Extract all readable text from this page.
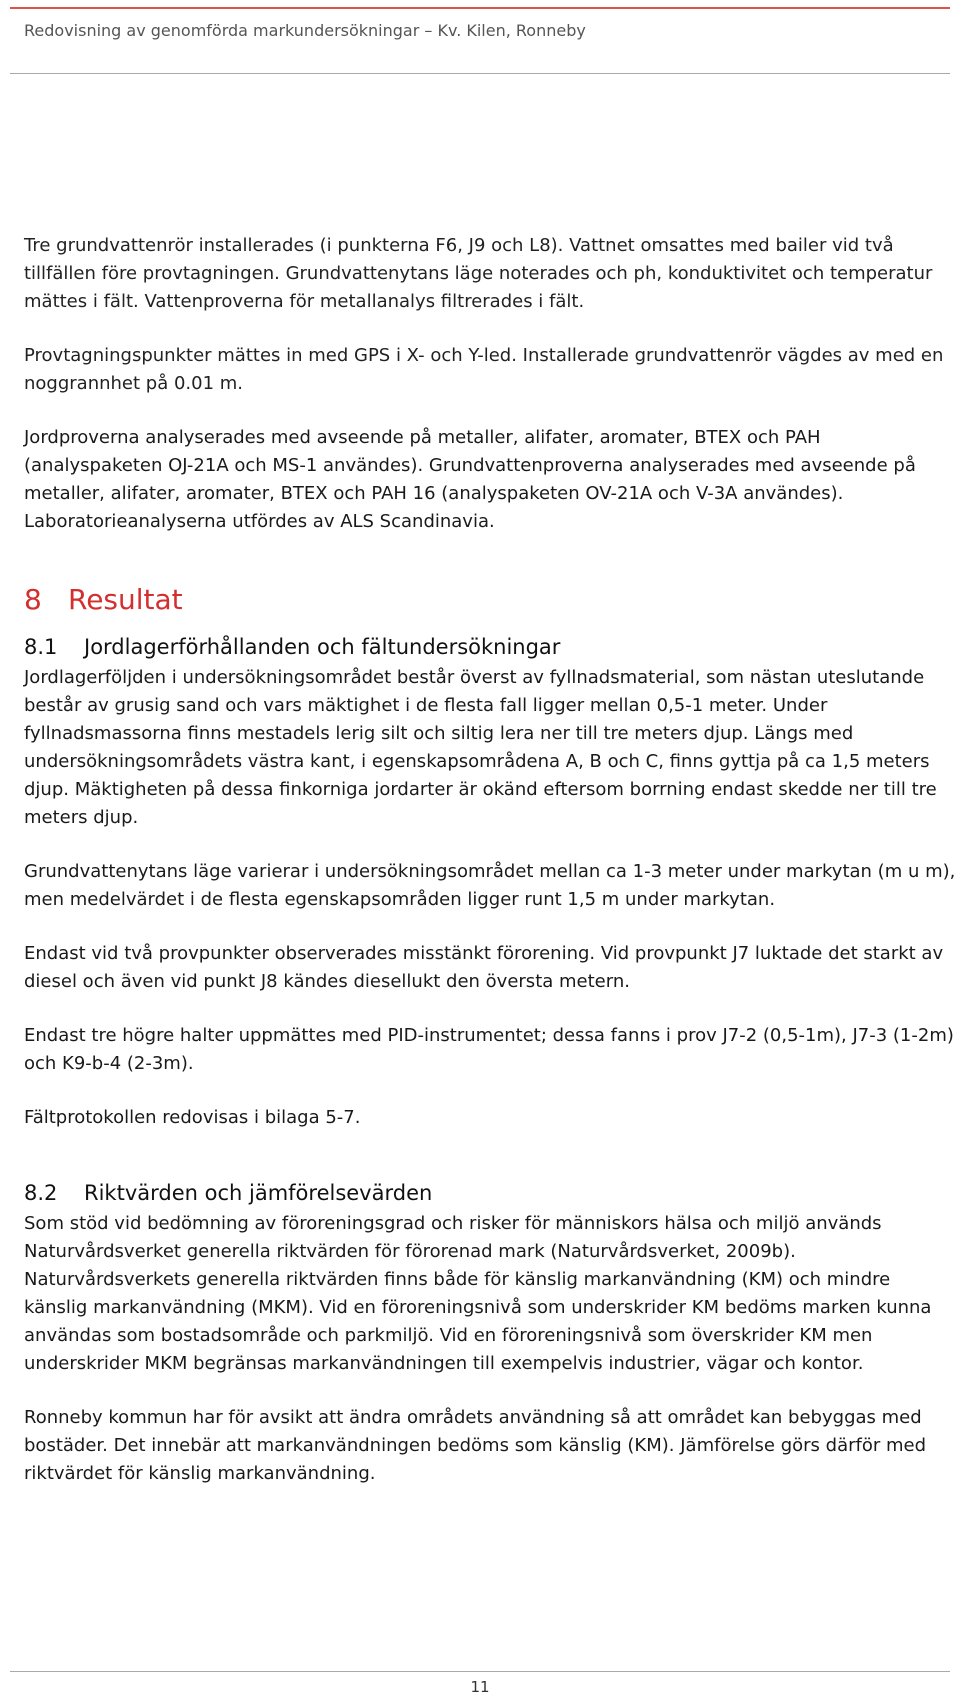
Redovisning av genomförda markundersökningar – Kv. Kilen, Ronneby

Tre grundvattenrör installerades (i punkterna F6, J9 och L8). Vattnet omsattes med bailer vid två tillfällen före provtagningen. Grundvattenytans läge noterades och ph, konduktivitet och temperatur mättes i fält. Vattenproverna för metallanalys filtrerades i fält.

Provtagningspunkter mättes in med GPS i X- och Y-led. Installerade grundvattenrör vägdes av med en noggrannhet på 0.01 m.

Jordproverna analyserades med avseende på metaller, alifater, aromater, BTEX och PAH (analyspaketen OJ-21A och MS-1 användes). Grundvattenproverna analyserades med avseende på metaller, alifater, aromater, BTEX och PAH 16 (analyspaketen OV-21A och V-3A användes). Laboratorieanalyserna utfördes av ALS Scandinavia.

8 Resultat
8.1 Jordlagerförhållanden och fältundersökningar

Jordlagerföljden i undersökningsområdet består överst av fyllnadsmaterial, som nästan uteslutande består av grusig sand och vars mäktighet i de flesta fall ligger mellan 0,5-1 meter. Under fyllnadsmassorna finns mestadels lerig silt och siltig lera ner till tre meters djup. Längs med undersökningsområdets västra kant, i egenskapsområdena A, B och C, finns gyttja på ca 1,5 meters djup. Mäktigheten på dessa finkorniga jordarter är okänd eftersom borrning endast skedde ner till tre meters djup.

Grundvattenytans läge varierar i undersökningsområdet mellan ca 1-3 meter under markytan (m u m), men medelvärdet i de flesta egenskapsområden ligger runt 1,5 m under markytan.

Endast vid två provpunkter observerades misstänkt förorening. Vid provpunkt J7 luktade det starkt av diesel och även vid punkt J8 kändes diesellukt den översta metern.

Endast tre högre halter uppmättes med PID-instrumentet; dessa fanns i prov J7-2 (0,5-1m), J7-3 (1-2m) och K9-b-4 (2-3m).

Fältprotokollen redovisas i bilaga 5-7.

8.2 Riktvärden och jämförelsevärden

Som stöd vid bedömning av föroreningsgrad och risker för människors hälsa och miljö används Naturvårdsverket generella riktvärden för förorenad mark (Naturvårdsverket, 2009b). Naturvårdsverkets generella riktvärden finns både för känslig markanvändning (KM) och mindre känslig markanvändning (MKM). Vid en föroreningsnivå som underskrider KM bedöms marken kunna användas som bostadsområde och parkmiljö. Vid en föroreningsnivå som överskrider KM men underskrider MKM begränsas markanvändningen till exempelvis industrier, vägar och kontor.

Ronneby kommun har för avsikt att ändra områdets användning så att området kan bebyggas med bostäder. Det innebär att markanvändningen bedöms som känslig (KM). Jämförelse görs därför med riktvärdet för känslig markanvändning.

11
